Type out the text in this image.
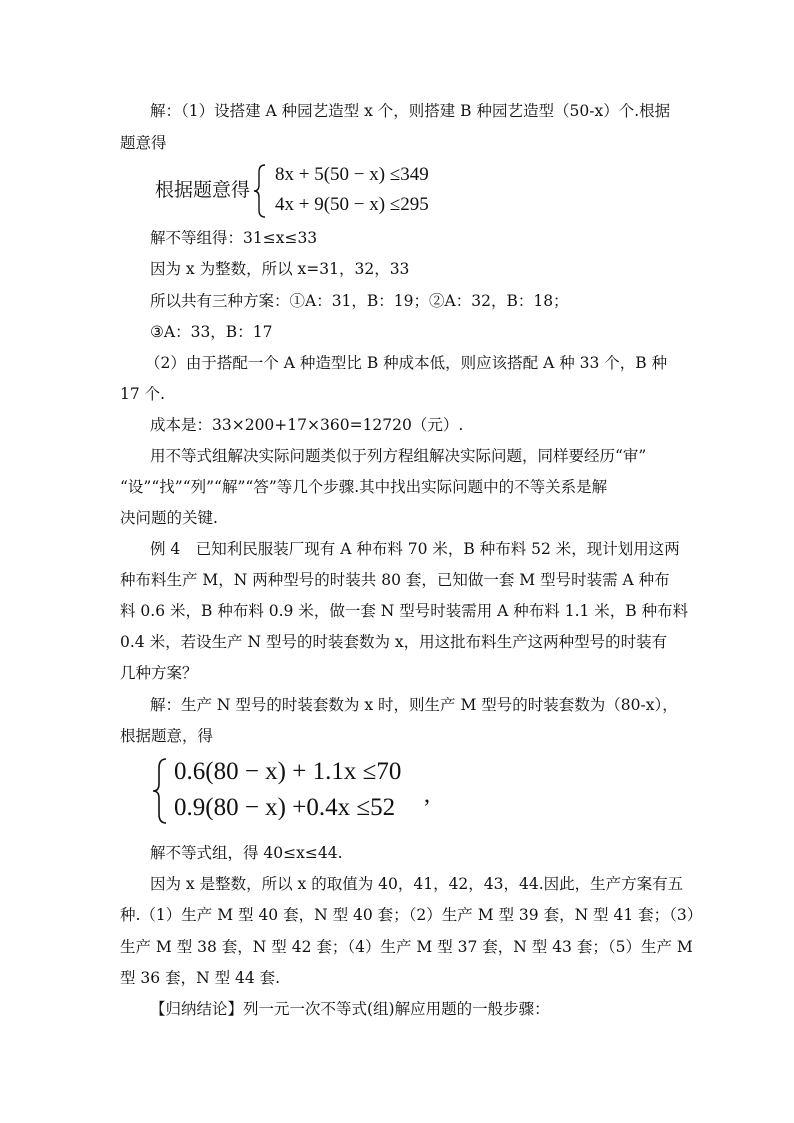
解：（1）设搭建 A 种园艺造型 x 个，则搭建 B 种园艺造型（50-x）个.根据
题意得
根据题意得
8x + 5(50 − x) ≤349
4x + 9(50 − x) ≤295
解不等组得：31≤x≤33
因为 x 为整数，所以 x=31，32，33
所以共有三种方案：①A：31，B：19；②A：32，B：18；
③A：33，B：17
（2）由于搭配一个 A 种造型比 B 种成本低，则应该搭配 A 种 33 个，B 种
17 个.
成本是：33×200+17×360=12720（元）.
用不等式组解决实际问题类似于列方程组解决实际问题，同样要经历“审”
“设”“找”“列”“解”“答”等几个步骤.其中找出实际问题中的不等关系是解
决问题的关键.
例 4　已知利民服装厂现有 A 种布料 70 米，B 种布料 52 米，现计划用这两
种布料生产 M，N 两种型号的时装共 80 套，已知做一套 M 型号时装需 A 种布
料 0.6 米，B 种布料 0.9 米，做一套 N 型号时装需用 A 种布料 1.1 米，B 种布料
0.4 米，若设生产 N 型号的时装套数为 x，用这批布料生产这两种型号的时装有
几种方案？
解：生产 N 型号的时装套数为 x 时，则生产 M 型号的时装套数为（80-x），
根据题意，得
0.6(80 − x) + 1.1x ≤70
0.9(80 − x) +0.4x ≤52 ,
解不等式组，得 40≤x≤44.
因为 x 是整数，所以 x 的取值为 40，41，42，43，44.因此，生产方案有五
种.（1）生产 M 型 40 套，N 型 40 套；（2）生产 M 型 39 套，N 型 41 套；（3）
生产 M 型 38 套，N 型 42 套；（4）生产 M 型 37 套，N 型 43 套；（5）生产 M
型 36 套，N 型 44 套.
【归纳结论】列一元一次不等式(组)解应用题的一般步骤：
